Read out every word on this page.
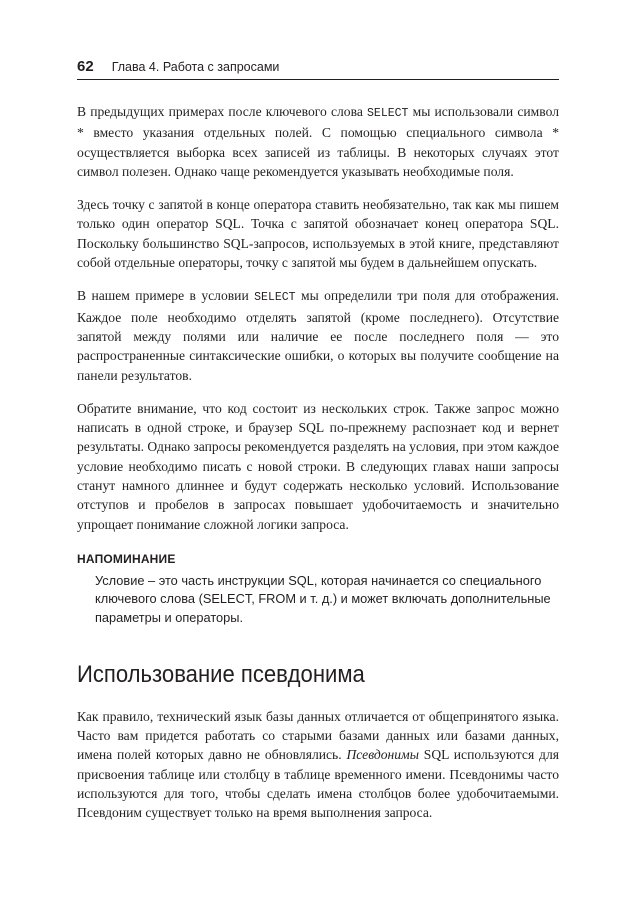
62 Глава 4. Работа с запросами

В предыдущих примерах после ключевого слова SELECT мы использовали символ * вместо указания отдельных полей. С помощью специального символа * осуществляется выборка всех записей из таблицы. В некоторых случаях этот символ полезен. Однако чаще рекомендуется указывать необходимые поля.

Здесь точку с запятой в конце оператора ставить необязательно, так как мы пишем только один оператор SQL. Точка с запятой обозначает конец оператора SQL. Поскольку большинство SQL-запросов, используемых в этой книге, представляют собой отдельные операторы, точку с запятой мы будем в дальнейшем опускать.

В нашем примере в условии SELECT мы определили три поля для отображения. Каждое поле необходимо отделять запятой (кроме последнего). Отсутствие запятой между полями или наличие ее после последнего поля — это распространенные синтаксические ошибки, о которых вы получите сообщение на панели результатов.

Обратите внимание, что код состоит из нескольких строк. Также запрос можно написать в одной строке, и браузер SQL по-прежнему распознает код и вернет результаты. Однако запросы рекомендуется разделять на условия, при этом каждое условие необходимо писать с новой строки. В следующих главах наши запросы станут намного длиннее и будут содержать несколько условий. Использование отступов и пробелов в запросах повышает удобочитаемость и значительно упрощает понимание сложной логики запроса.

НАПОМИНАНИЕ
Условие – это часть инструкции SQL, которая начинается со специального ключевого слова (SELECT, FROM и т. д.) и может включать дополнительные параметры и операторы.
Использование псевдонима

Как правило, технический язык базы данных отличается от общепринятого языка. Часто вам придется работать со старыми базами данных или базами данных, имена полей которых давно не обновлялись. Псевдонимы SQL используются для присвоения таблице или столбцу в таблице временного имени. Псевдонимы часто используются для того, чтобы сделать имена столбцов более удобочитаемыми. Псевдоним существует только на время выполнения запроса.
